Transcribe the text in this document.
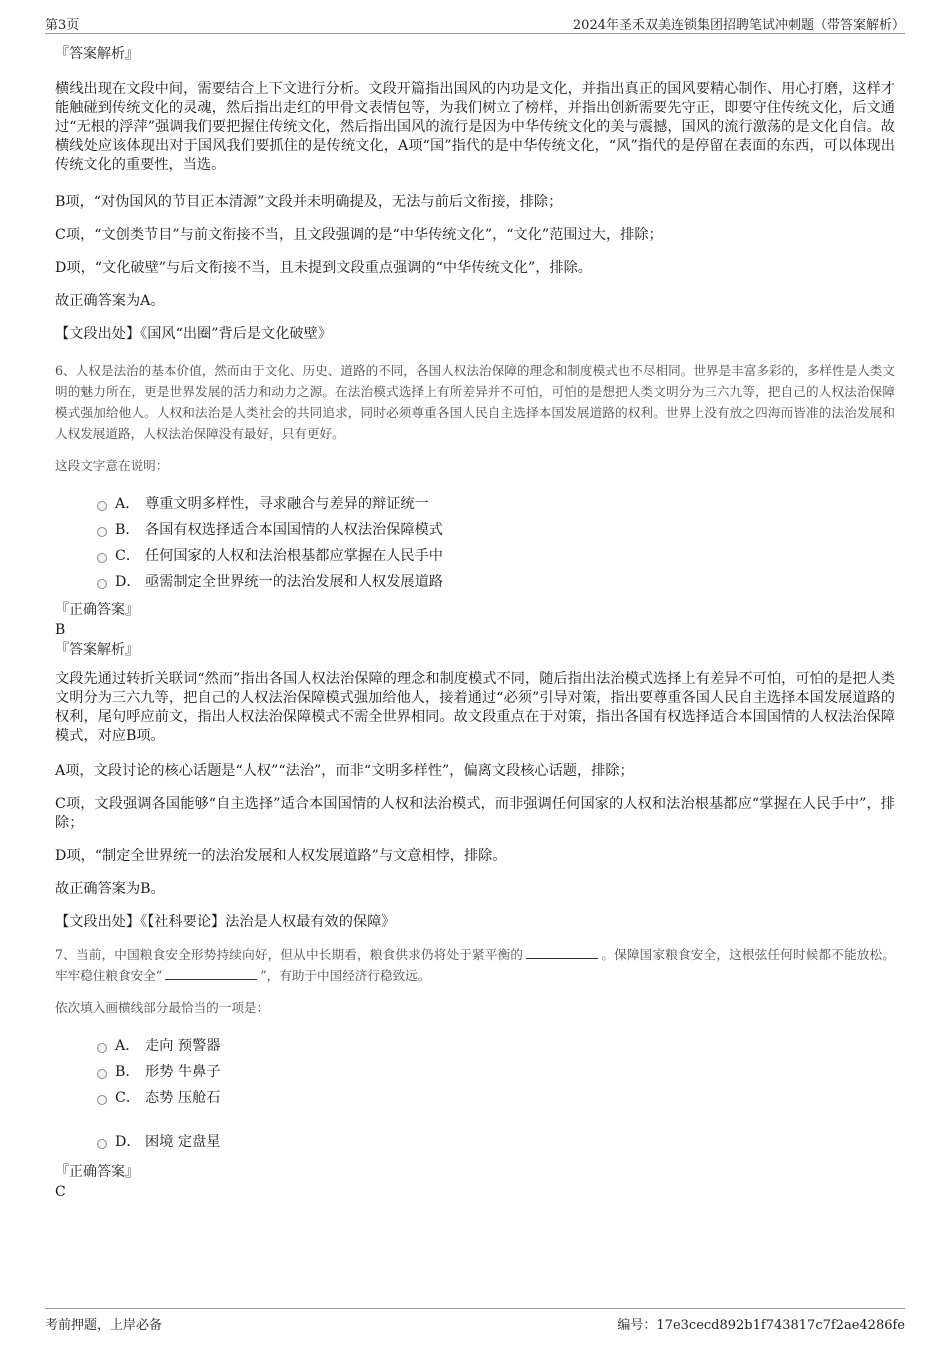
第3页	2024年圣禾双美连锁集团招聘笔试冲刺题（带答案解析）
『答案解析』
横线出现在文段中间，需要结合上下文进行分析。文段开篇指出国风的内功是文化，并指出真正的国风要精心制作、用心打磨，这样才能触碰到传统文化的灵魂，然后指出走红的甲骨文表情包等，为我们树立了榜样，并指出创新需要先守正，即要守住传统文化，后文通过“无根的浮萍”强调我们要把握住传统文化，然后指出国风的流行是因为中华传统文化的美与震撼，国风的流行激荡的是文化自信。故横线处应该体现出对于国风我们要抓住的是传统文化，A项“国”指代的是中华传统文化，“风”指代的是停留在表面的东西，可以体现出传统文化的重要性，当选。
B项，“对伪国风的节目正本清源”文段并未明确提及，无法与前后文衔接，排除；
C项，“文创类节目”与前文衔接不当，且文段强调的是“中华传统文化”，“文化”范围过大，排除；
D项，“文化破壁”与后文衔接不当，且未提到文段重点强调的“中华传统文化”，排除。
故正确答案为A。
【文段出处】《国风“出圈”背后是文化破壁》
6、人权是法治的基本价值，然而由于文化、历史、道路的不同，各国人权法治保障的理念和制度模式也不尽相同。世界是丰富多彩的，多样性是人类文明的魅力所在，更是世界发展的活力和动力之源。在法治模式选择上有所差异并不可怕，可怕的是想把人类文明分为三六九等，把自己的人权法治保障模式强加给他人。人权和法治是人类社会的共同追求，同时必须尊重各国人民自主选择本国发展道路的权利。世界上没有放之四海而皆准的法治发展和人权发展道路，人权法治保障没有最好，只有更好。
这段文字意在说明：
A． 尊重文明多样性，寻求融合与差异的辩证统一
B． 各国有权选择适合本国国情的人权法治保障模式
C． 任何国家的人权和法治根基都应掌握在人民手中
D． 亟需制定全世界统一的法治发展和人权发展道路
『正确答案』
B
『答案解析』
文段先通过转折关联词“然而”指出各国人权法治保障的理念和制度模式不同，随后指出法治模式选择上有差异不可怕，可怕的是把人类文明分为三六九等，把自己的人权法治保障模式强加给他人，接着通过“必须”引导对策，指出要尊重各国人民自主选择本国发展道路的权利，尾句呼应前文，指出人权法治保障模式不需全世界相同。故文段重点在于对策，指出各国有权选择适合本国国情的人权法治保障模式，对应B项。
A项，文段讨论的核心话题是“人权”“法治”，而非“文明多样性”，偏离文段核心话题，排除；
C项，文段强调各国能够“自主选择”适合本国国情的人权和法治模式，而非强调任何国家的人权和法治根基都应“掌握在人民手中”，排除；
D项，“制定全世界统一的法治发展和人权发展道路”与文意相悖，排除。
故正确答案为B。
【文段出处】《【社科要论】法治是人权最有效的保障》
7、当前，中国粮食安全形势持续向好，但从中长期看，粮食供求仍将处于紧平衡的	。保障国家粮食安全，这根弦任何时候都不能放松。牢牢稳住粮食安全“	”，有助于中国经济行稳致远。
依次填入画横线部分最恰当的一项是：
A． 走向 预警器
B． 形势 牛鼻子
C． 态势 压舱石
D． 困境 定盘星
『正确答案』
C
考前押题，上岸必备	编号：17e3cecd892b1f743817c7f2ae4286fe
